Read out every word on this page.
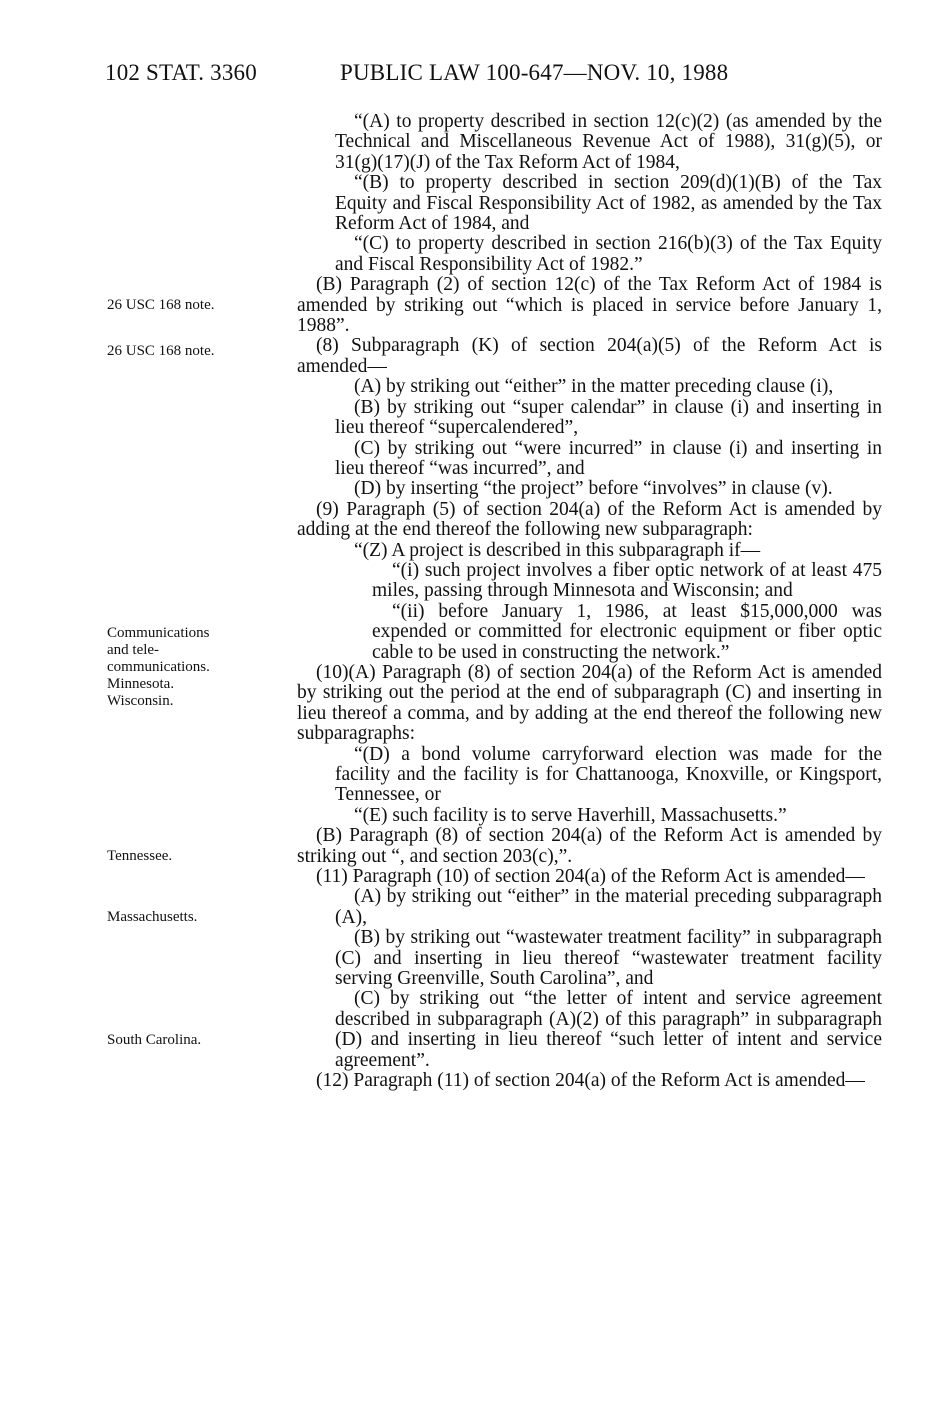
102 STAT. 3360	PUBLIC LAW 100-647—NOV. 10, 1988
26 USC 168 note.
26 USC 168 note.
Communications
and tele-
communications.
Minnesota.
Wisconsin.
Tennessee.
Massachusetts.
South Carolina.

“(A) to property described in section 12(c)(2) (as amended by the Technical and Miscellaneous Revenue Act of 1988), 31(g)(5), or 31(g)(17)(J) of the Tax Reform Act of 1984,

“(B) to property described in section 209(d)(1)(B) of the Tax Equity and Fiscal Responsibility Act of 1982, as amended by the Tax Reform Act of 1984, and

“(C) to property described in section 216(b)(3) of the Tax Equity and Fiscal Responsibility Act of 1982.”

(B) Paragraph (2) of section 12(c) of the Tax Reform Act of 1984 is amended by striking out “which is placed in service before January 1, 1988”.

(8) Subparagraph (K) of section 204(a)(5) of the Reform Act is amended—

(A) by striking out “either” in the matter preceding clause (i),

(B) by striking out “super calendar” in clause (i) and inserting in lieu thereof “supercalendered”,

(C) by striking out “were incurred” in clause (i) and inserting in lieu thereof “was incurred”, and

(D) by inserting “the project” before “involves” in clause (v).

(9) Paragraph (5) of section 204(a) of the Reform Act is amended by adding at the end thereof the following new subparagraph:

“(Z) A project is described in this subparagraph if—

“(i) such project involves a fiber optic network of at least 475 miles, passing through Minnesota and Wisconsin; and

“(ii) before January 1, 1986, at least $15,000,000 was expended or committed for electronic equipment or fiber optic cable to be used in constructing the network.”

(10)(A) Paragraph (8) of section 204(a) of the Reform Act is amended by striking out the period at the end of subparagraph (C) and inserting in lieu thereof a comma, and by adding at the end thereof the following new subparagraphs:

“(D) a bond volume carryforward election was made for the facility and the facility is for Chattanooga, Knoxville, or Kingsport, Tennessee, or

“(E) such facility is to serve Haverhill, Massachusetts.”

(B) Paragraph (8) of section 204(a) of the Reform Act is amended by striking out “, and section 203(c),”.

(11) Paragraph (10) of section 204(a) of the Reform Act is amended—

(A) by striking out “either” in the material preceding subparagraph (A),

(B) by striking out “wastewater treatment facility” in subparagraph (C) and inserting in lieu thereof “wastewater treatment facility serving Greenville, South Carolina”, and

(C) by striking out “the letter of intent and service agreement described in subparagraph (A)(2) of this paragraph” in subparagraph (D) and inserting in lieu thereof “such letter of intent and service agreement”.

(12) Paragraph (11) of section 204(a) of the Reform Act is amended—
